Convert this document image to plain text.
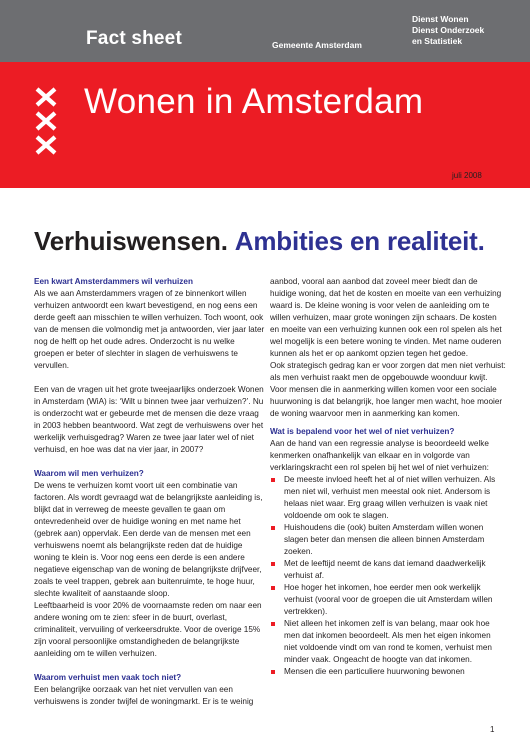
Fact sheet	Gemeente Amsterdam
Dienst Wonen
Dienst Onderzoek
en Statistiek
Wonen in Amsterdam
juli 2008
Verhuiswensen. Ambities en realiteit.
Een kwart Amsterdammers wil verhuizen

Als we aan Amsterdammers vragen of ze binnenkort willen verhuizen antwoordt een kwart bevestigend, en nog eens een derde geeft aan misschien te willen verhuizen. Toch woont, ook van de mensen die volmondig met ja antwoorden, vier jaar later nog de helft op het oude adres. Onderzocht is nu welke groepen er beter of slechter in slagen de verhuiswens te vervullen.

Een van de vragen uit het grote tweejaarlijks onderzoek Wonen in Amsterdam (WiA) is: ‘Wilt u binnen twee jaar verhuizen?’. Nu is onderzocht wat er gebeurde met de mensen die deze vraag in 2003 hebben beantwoord. Wat zegt de verhuiswens over het werkelijk verhuisgedrag? Waren ze twee jaar later wel of niet verhuisd, en hoe was dat na vier jaar, in 2007?

Waarom wil men verhuizen?

De wens te verhuizen komt voort uit een combinatie van factoren. Als wordt gevraagd wat de belangrijkste aanleiding is, blijkt dat in verreweg de meeste gevallen te gaan om ontevredenheid over de huidige woning en met name het (gebrek aan) oppervlak. Een derde van de mensen met een verhuiswens noemt als belangrijkste reden dat de huidige woning te klein is. Voor nog eens een derde is een andere negatieve eigenschap van de woning de belangrijkste drijfveer, zoals te veel trappen, gebrek aan buitenruimte, te hoge huur, slechte kwaliteit of aanstaande sloop.

Leeftbaarheid is voor 20% de voornaamste reden om naar een andere woning om te zien: sfeer in de buurt, overlast, criminaliteit, vervuiling of verkeersdrukte. Voor de overige 15% zijn vooral persoonlijke omstandigheden de belangrijkste aanleiding om te willen verhuizen.

Waarom verhuist men vaak toch niet?

Een belangrijke oorzaak van het niet vervullen van een verhuiswens is zonder twijfel de woningmarkt. Er is te weinig

aanbod, vooral aan aanbod dat zoveel meer biedt dan de huidige woning, dat het de kosten en moeite van een verhuizing waard is. De kleine woning is voor velen de aanleiding om te willen verhuizen, maar grote woningen zijn schaars. De kosten en moeite van een verhuizing kunnen ook een rol spelen als het wel mogelijk is een betere woning te vinden. Met name ouderen kunnen als het er op aankomt opzien tegen het gedoe.

Ook strategisch gedrag kan er voor zorgen dat men niet verhuist: als men verhuist raakt men de opgebouwde woonduur kwijt. Voor mensen die in aanmerking willen komen voor een sociale huurwoning is dat belangrijk, hoe langer men wacht, hoe mooier de woning waarvoor men in aanmerking kan komen.

Wat is bepalend voor het wel of niet verhuizen?

Aan de hand van een regressie analyse is beoordeeld welke kenmerken onafhankelijk van elkaar en in volgorde van verklaringskracht een rol spelen bij het wel of niet verhuizen:

De meeste invloed heeft het al of niet willen verhuizen. Als men niet wil, verhuist men meestal ook niet. Andersom is helaas niet waar. Erg graag willen verhuizen is vaak niet voldoende om ook te slagen.
Huishoudens die (ook) buiten Amsterdam willen wonen slagen beter dan mensen die alleen binnen Amsterdam zoeken.
Met de leeftijd neemt de kans dat iemand daadwerkelijk verhuist af.
Hoe hoger het inkomen, hoe eerder men ook werkelijk verhuist (vooral voor de groepen die uit Amsterdam willen vertrekken).
Niet alleen het inkomen zelf is van belang, maar ook hoe men dat inkomen beoordeelt. Als men het eigen inkomen niet voldoende vindt om van rond te komen, verhuist men minder vaak. Ongeacht de hoogte van dat inkomen.
Mensen die een particuliere huurwoning bewonen
1
